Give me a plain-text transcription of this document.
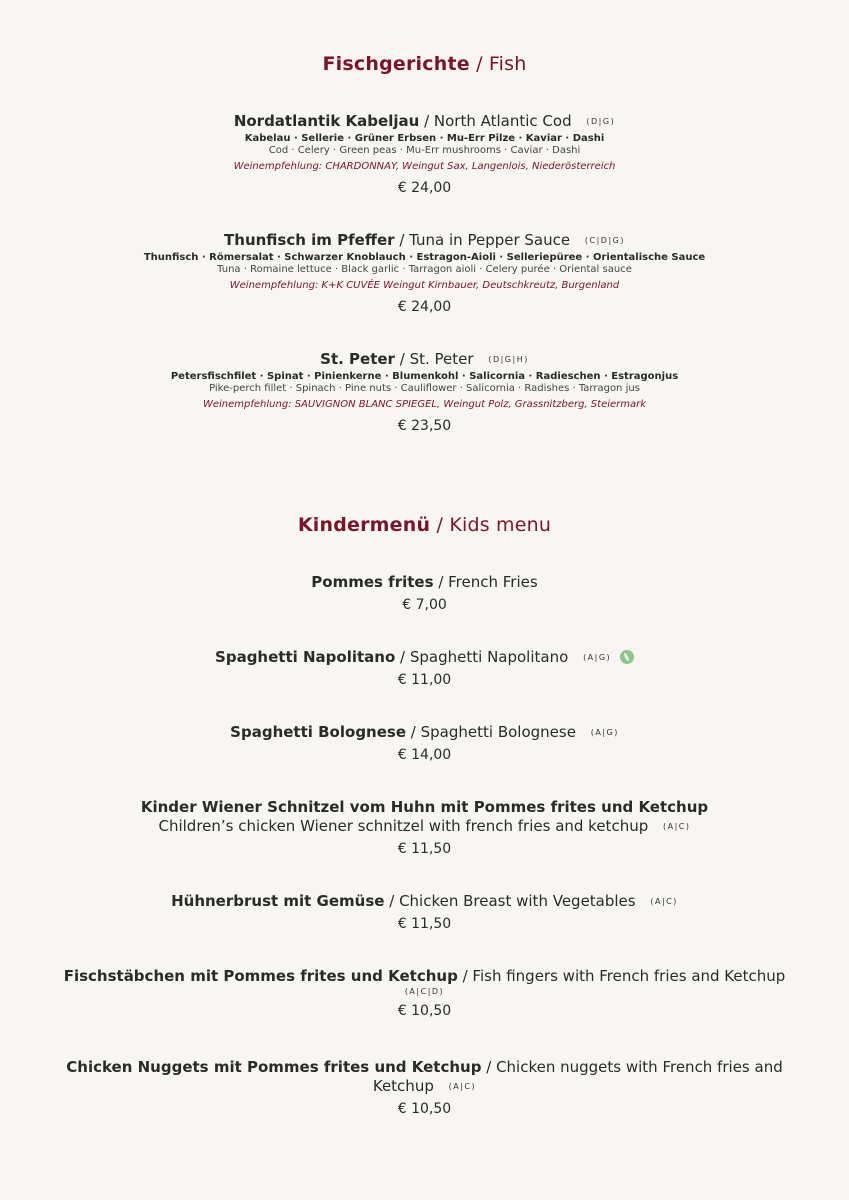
Fischgerichte / Fish
Nordatlantik Kabeljau / North Atlantic Cod (D|G)
Kabelau · Sellerie · Grüner Erbsen · Mu-Err Pilze · Kaviar · Dashi
Cod · Celery · Green peas · Mu-Err mushrooms · Caviar · Dashi
Weinempfehlung: CHARDONNAY, Weingut Sax, Langenlois, Niederösterreich
€ 24,00
Thunfisch im Pfeffer / Tuna in Pepper Sauce (C|D|G)
Thunfisch · Römersalat · Schwarzer Knoblauch · Estragon-Aioli · Selleriepüree · Orientalische Sauce
Tuna · Romaine lettuce · Black garlic · Tarragon aioli · Celery purée · Oriental sauce
Weinempfehlung: K+K CUVÉE Weingut Kirnbauer, Deutschkreutz, Burgenland
€ 24,00
St. Peter / St. Peter (D|G|H)
Petersfischfilet · Spinat · Pinienkerne · Blumenkohl · Salicornia · Radieschen · Estragonjus
Pike-perch fillet · Spinach · Pine nuts · Cauliflower · Salicornia · Radishes · Tarragon jus
Weinempfehlung: SAUVIGNON BLANC SPIEGEL, Weingut Polz, Grassnitzberg, Steiermark
€ 23,50
Kindermenü / Kids menu
Pommes frites / French Fries
€ 7,00
Spaghetti Napolitano / Spaghetti Napolitano (A|G)
€ 11,00
Spaghetti Bolognese / Spaghetti Bolognese (A|G)
€ 14,00
Kinder Wiener Schnitzel vom Huhn mit Pommes frites und Ketchup
Children’s chicken Wiener schnitzel with french fries and ketchup (A|C)
€ 11,50
Hühnerbrust mit Gemüse / Chicken Breast with Vegetables (A|C)
€ 11,50
Fischstäbchen mit Pommes frites und Ketchup / Fish fingers with French fries and Ketchup
(A|C|D)
€ 10,50
Chicken Nuggets mit Pommes frites und Ketchup / Chicken nuggets with French fries and
Ketchup (A|C)
€ 10,50
